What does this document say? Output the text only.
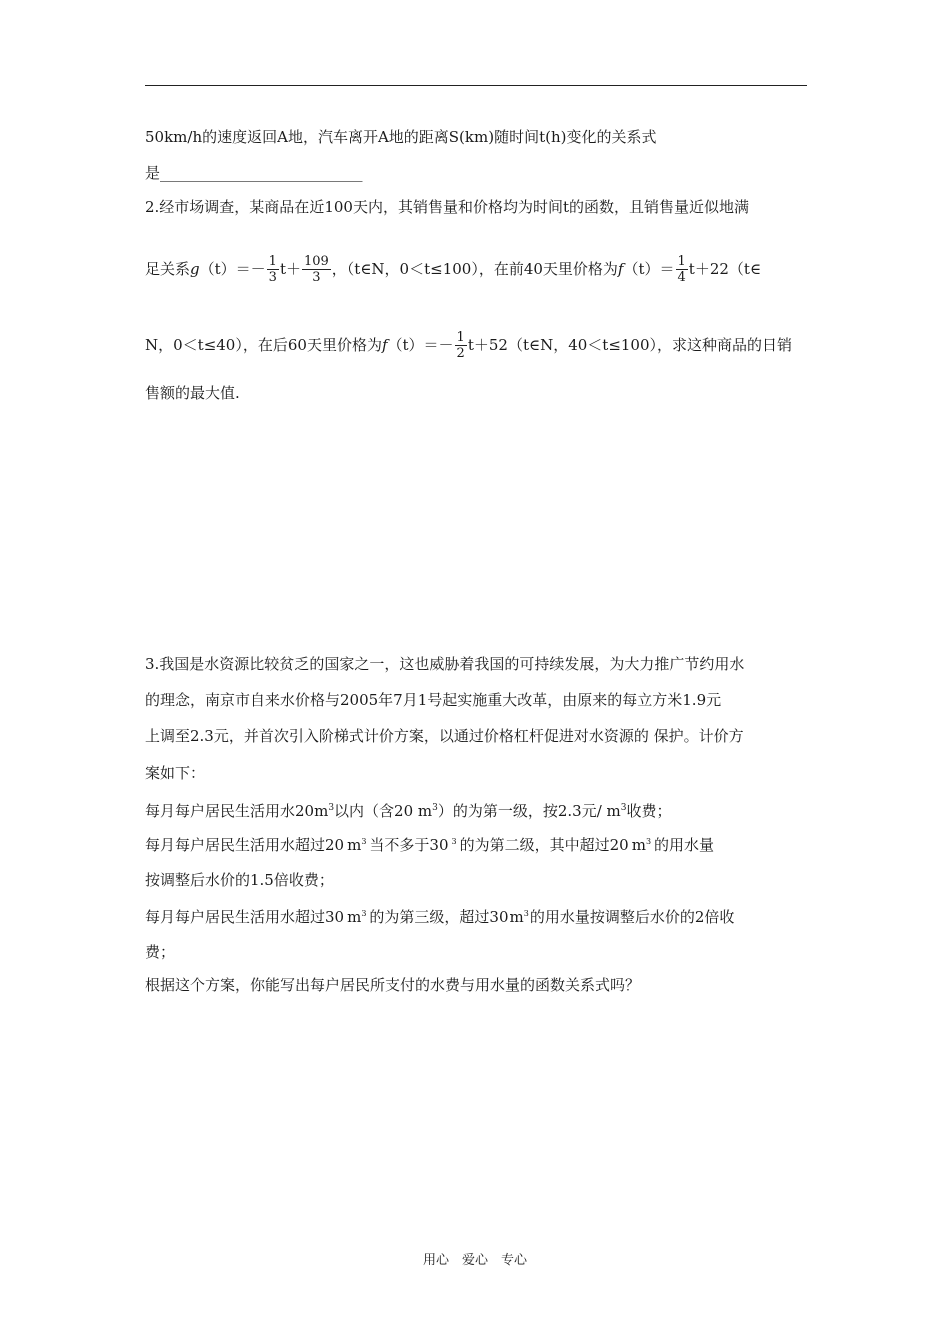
50km/h的速度返回A地，汽车离开A地的距离S(km)随时间t(h)变化的关系式
是___________________________
2.经市场调查，某商品在近100天内，其销售量和价格均为时间t的函数，且销售量近似地满
足关系$g(t)=- \frac{1}{3} t+ \frac{109}{3}$ ，（t∈N，0＜t≤100），在前40天里价格为$f(t)= \frac{1}{4}$ t＋22（t∈
N，0＜t≤40），在后60天里价格为$f(t)=- \frac{1}{2}$ t＋52（t∈N，40＜t≤100），求这种商品的日销
售额的最大值.
3.我国是水资源比较贫乏的国家之一，这也威胁着我国的可持续发展，为大力推广节约用水
的理念，南京市自来水价格与2005年7月1号起实施重大改革，由原来的每立方米1.9元
上调至2.3元，并首次引入阶梯式计价方案，以通过价格杠杆促进对水资源的 保护。计价方
案如下：
每月每户居民生活用水$20m^3$以内（含20 $m^3$）的为第一级，按2.3元/ $m^3$收费；
每月每户居民生活用水超过20 $m^3$ 当不多于30 $^3$ 的为第二级，其中超过20 $m^3$ 的用水量
按调整后水价的1.5倍收费；
每月每户居民生活用水超过30 $m^3$ 的为第三级，超过$30m^3$的用水量按调整后水价的2倍收
费；
根据这个方案，你能写出每户居民所支付的水费与用水量的函数关系式吗？
用心　爱心　专心
